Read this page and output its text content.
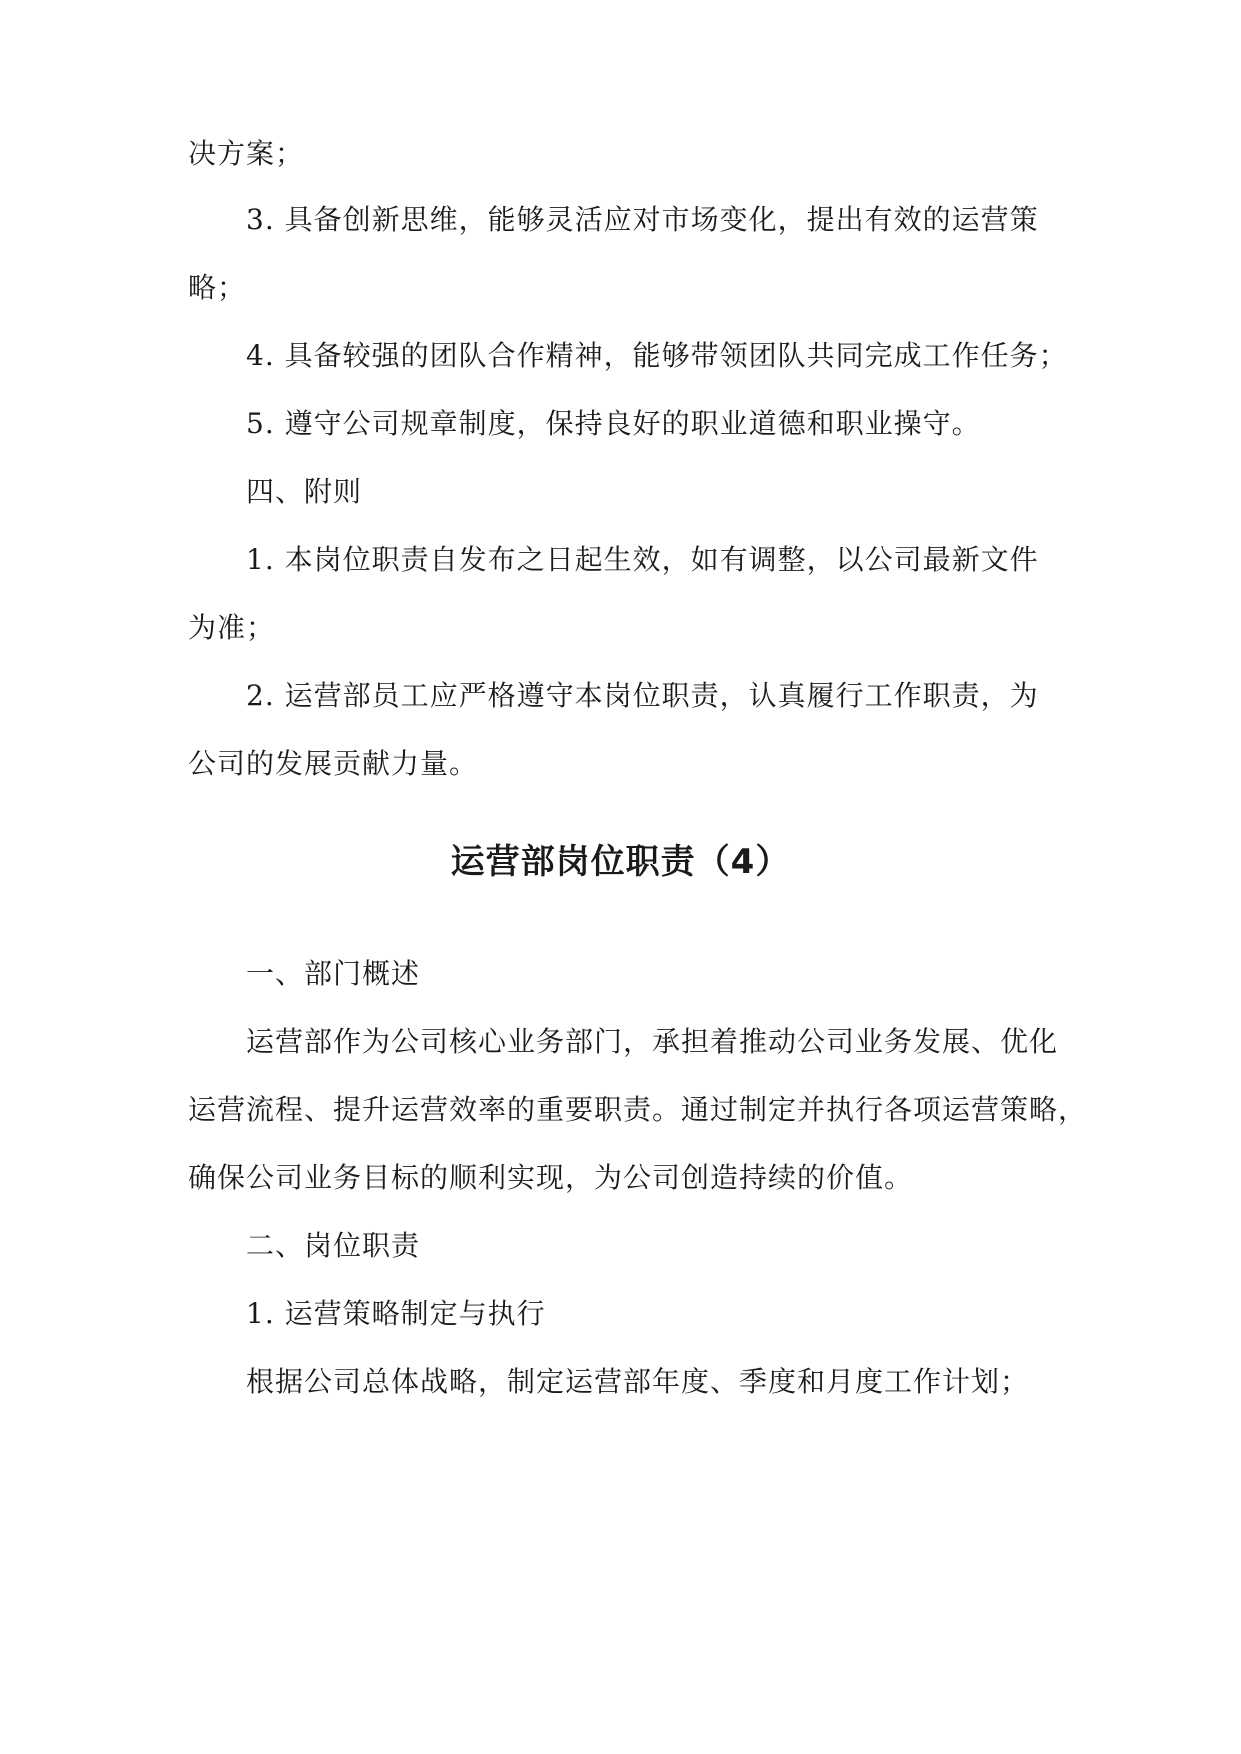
决方案；
3. 具备创新思维，能够灵活应对市场变化，提出有效的运营策
略；
4. 具备较强的团队合作精神，能够带领团队共同完成工作任务；
5. 遵守公司规章制度，保持良好的职业道德和职业操守。
四、附则
1. 本岗位职责自发布之日起生效，如有调整，以公司最新文件
为准；
2. 运营部员工应严格遵守本岗位职责，认真履行工作职责，为
公司的发展贡献力量。
运营部岗位职责（4）
一、部门概述
运营部作为公司核心业务部门，承担着推动公司业务发展、优化
运营流程、提升运营效率的重要职责。通过制定并执行各项运营策略，
确保公司业务目标的顺利实现，为公司创造持续的价值。
二、岗位职责
1. 运营策略制定与执行
根据公司总体战略，制定运营部年度、季度和月度工作计划；
